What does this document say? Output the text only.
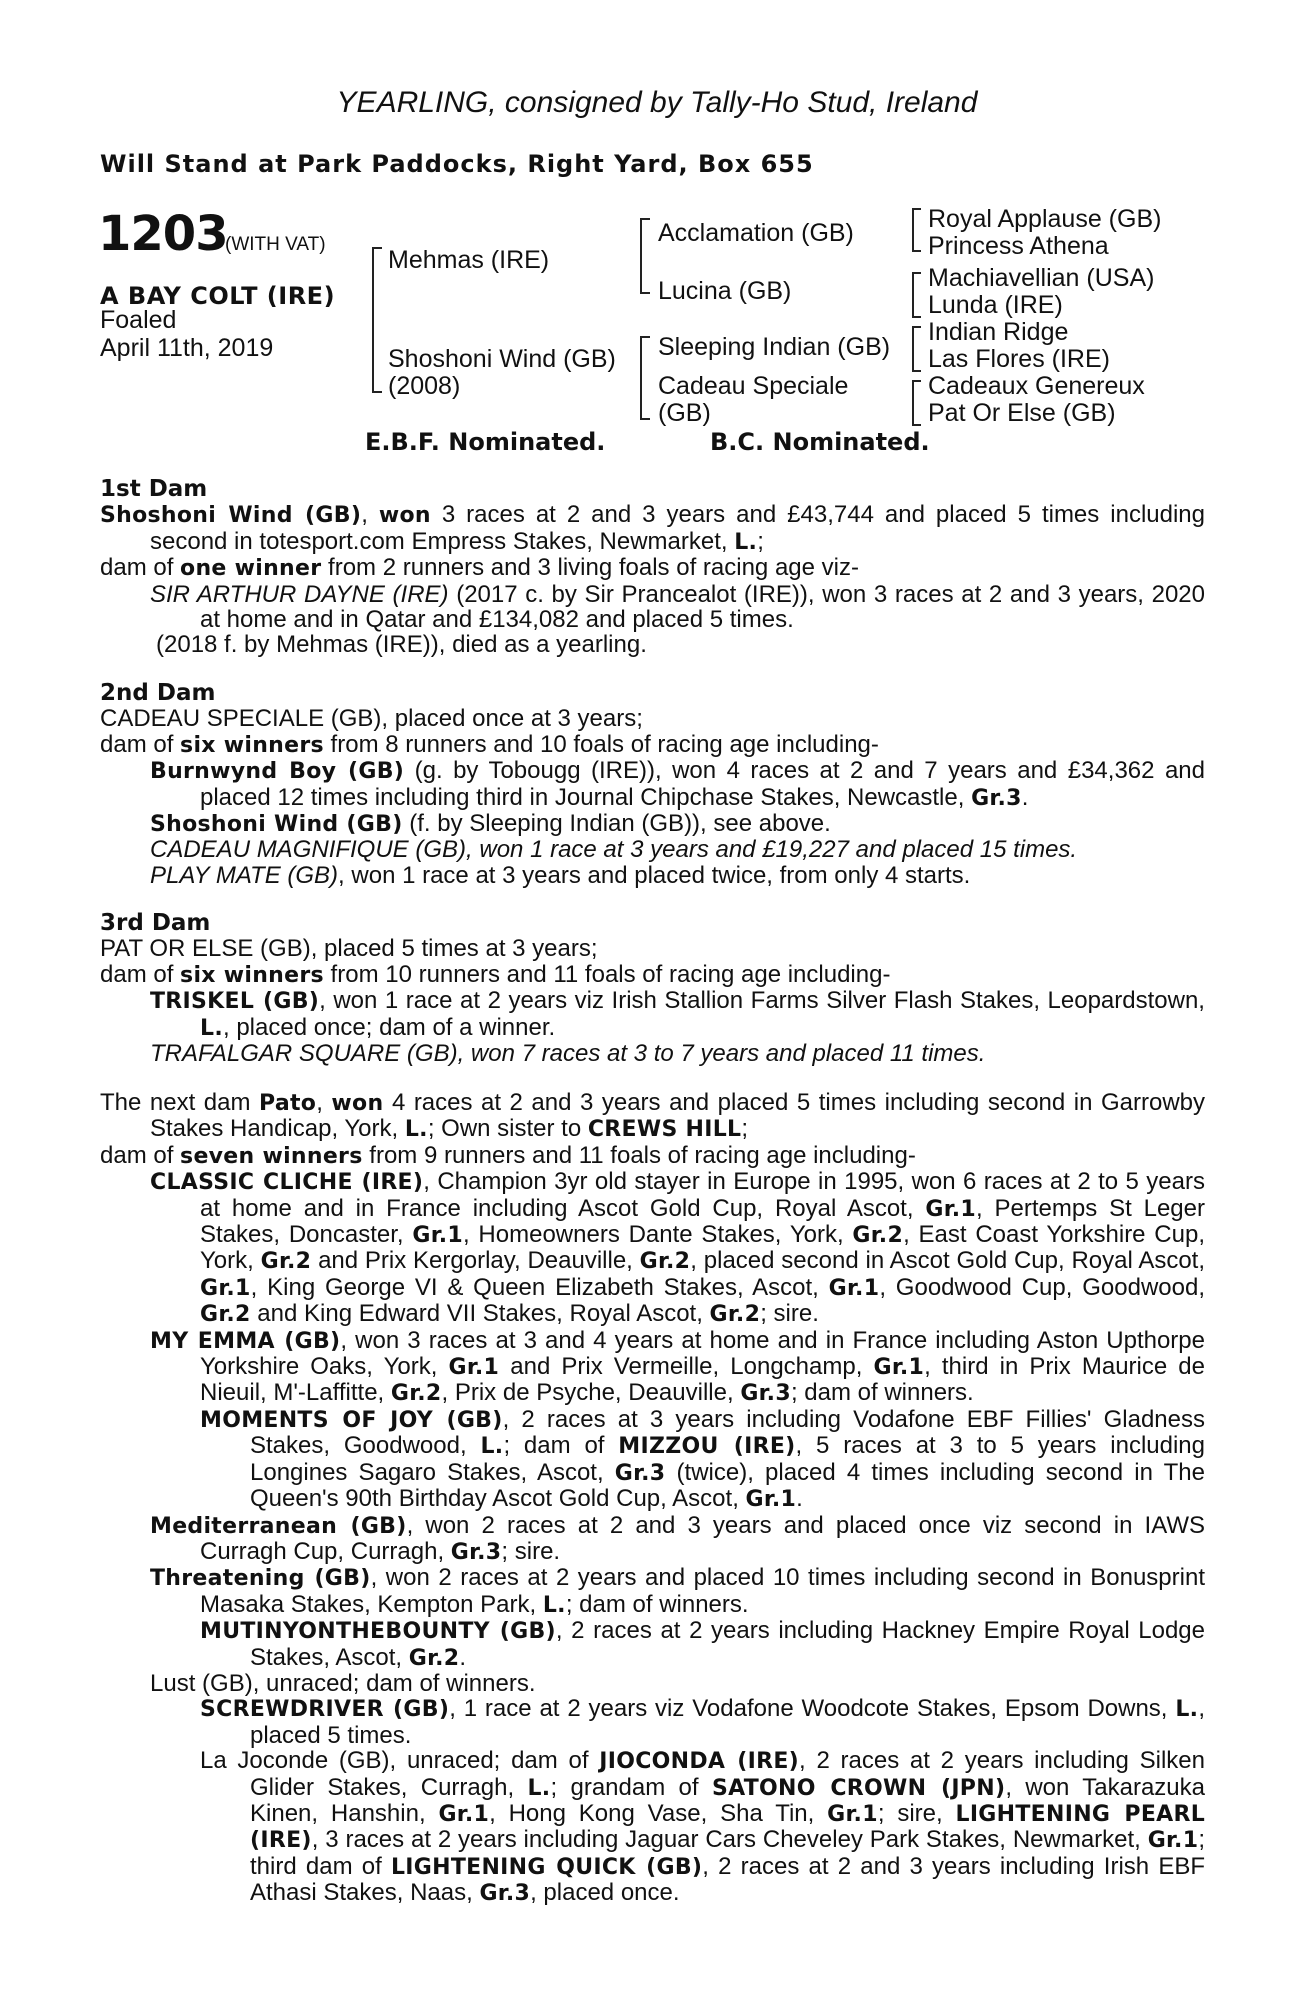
YEARLING, consigned by Tally-Ho Stud, Ireland
Will Stand at Park Paddocks, Right Yard, Box 655
1203
(WITH VAT)
A BAY COLT (IRE)
Foaled
April 11th, 2019
Mehmas (IRE)
Shoshoni Wind (GB)
(2008)
Acclamation (GB)
Lucina (GB)
Sleeping Indian (GB)
Cadeau Speciale
(GB)
Royal Applause (GB)
Princess Athena
Machiavellian (USA)
Lunda (IRE)
Indian Ridge
Las Flores (IRE)
Cadeaux Genereux
Pat Or Else (GB)
E.B.F. Nominated.	B.C. Nominated.

1st Dam

Shoshoni Wind (GB), won 3 races at 2 and 3 years and £43,744 and placed 5 times including second in totesport.com Empress Stakes, Newmarket, L.;

dam of one winner from 2 runners and 3 living foals of racing age viz-

SIR ARTHUR DAYNE (IRE) (2017 c. by Sir Prancealot (IRE)), won 3 races at 2 and 3 years, 2020 at home and in Qatar and £134,082 and placed 5 times.

(2018 f. by Mehmas (IRE)), died as a yearling.

2nd Dam

CADEAU SPECIALE (GB), placed once at 3 years;

dam of six winners from 8 runners and 10 foals of racing age including-

Burnwynd Boy (GB) (g. by Tobougg (IRE)), won 4 races at 2 and 7 years and £34,362 and placed 12 times including third in Journal Chipchase Stakes, Newcastle, Gr.3.

Shoshoni Wind (GB) (f. by Sleeping Indian (GB)), see above.

CADEAU MAGNIFIQUE (GB), won 1 race at 3 years and £19,227 and placed 15 times.

PLAY MATE (GB), won 1 race at 3 years and placed twice, from only 4 starts.

3rd Dam

PAT OR ELSE (GB), placed 5 times at 3 years;

dam of six winners from 10 runners and 11 foals of racing age including-

TRISKEL (GB), won 1 race at 2 years viz Irish Stallion Farms Silver Flash Stakes, Leopardstown, L., placed once; dam of a winner.

TRAFALGAR SQUARE (GB), won 7 races at 3 to 7 years and placed 11 times.

The next dam Pato, won 4 races at 2 and 3 years and placed 5 times including second in Garrowby Stakes Handicap, York, L.; Own sister to CREWS HILL;

dam of seven winners from 9 runners and 11 foals of racing age including-

CLASSIC CLICHE (IRE), Champion 3yr old stayer in Europe in 1995, won 6 races at 2 to 5 years at home and in France including Ascot Gold Cup, Royal Ascot, Gr.1, Pertemps St Leger Stakes, Doncaster, Gr.1, Homeowners Dante Stakes, York, Gr.2, East Coast Yorkshire Cup, York, Gr.2 and Prix Kergorlay, Deauville, Gr.2, placed second in Ascot Gold Cup, Royal Ascot, Gr.1, King George VI & Queen Elizabeth Stakes, Ascot, Gr.1, Goodwood Cup, Goodwood, Gr.2 and King Edward VII Stakes, Royal Ascot, Gr.2; sire.

MY EMMA (GB), won 3 races at 3 and 4 years at home and in France including Aston Upthorpe Yorkshire Oaks, York, Gr.1 and Prix Vermeille, Longchamp, Gr.1, third in Prix Maurice de Nieuil, M'-Laffitte, Gr.2, Prix de Psyche, Deauville, Gr.3; dam of winners.

MOMENTS OF JOY (GB), 2 races at 3 years including Vodafone EBF Fillies' Gladness Stakes, Goodwood, L.; dam of MIZZOU (IRE), 5 races at 3 to 5 years including Longines Sagaro Stakes, Ascot, Gr.3 (twice), placed 4 times including second in The Queen's 90th Birthday Ascot Gold Cup, Ascot, Gr.1.

Mediterranean (GB), won 2 races at 2 and 3 years and placed once viz second in IAWS Curragh Cup, Curragh, Gr.3; sire.

Threatening (GB), won 2 races at 2 years and placed 10 times including second in Bonusprint Masaka Stakes, Kempton Park, L.; dam of winners.

MUTINYONTHEBOUNTY (GB), 2 races at 2 years including Hackney Empire Royal Lodge Stakes, Ascot, Gr.2.

Lust (GB), unraced; dam of winners.

SCREWDRIVER (GB), 1 race at 2 years viz Vodafone Woodcote Stakes, Epsom Downs, L., placed 5 times.

La Joconde (GB), unraced; dam of JIOCONDA (IRE), 2 races at 2 years including Silken Glider Stakes, Curragh, L.; grandam of SATONO CROWN (JPN), won Takarazuka Kinen, Hanshin, Gr.1, Hong Kong Vase, Sha Tin, Gr.1; sire, LIGHTENING PEARL (IRE), 3 races at 2 years including Jaguar Cars Cheveley Park Stakes, Newmarket, Gr.1; third dam of LIGHTENING QUICK (GB), 2 races at 2 and 3 years including Irish EBF Athasi Stakes, Naas, Gr.3, placed once.
